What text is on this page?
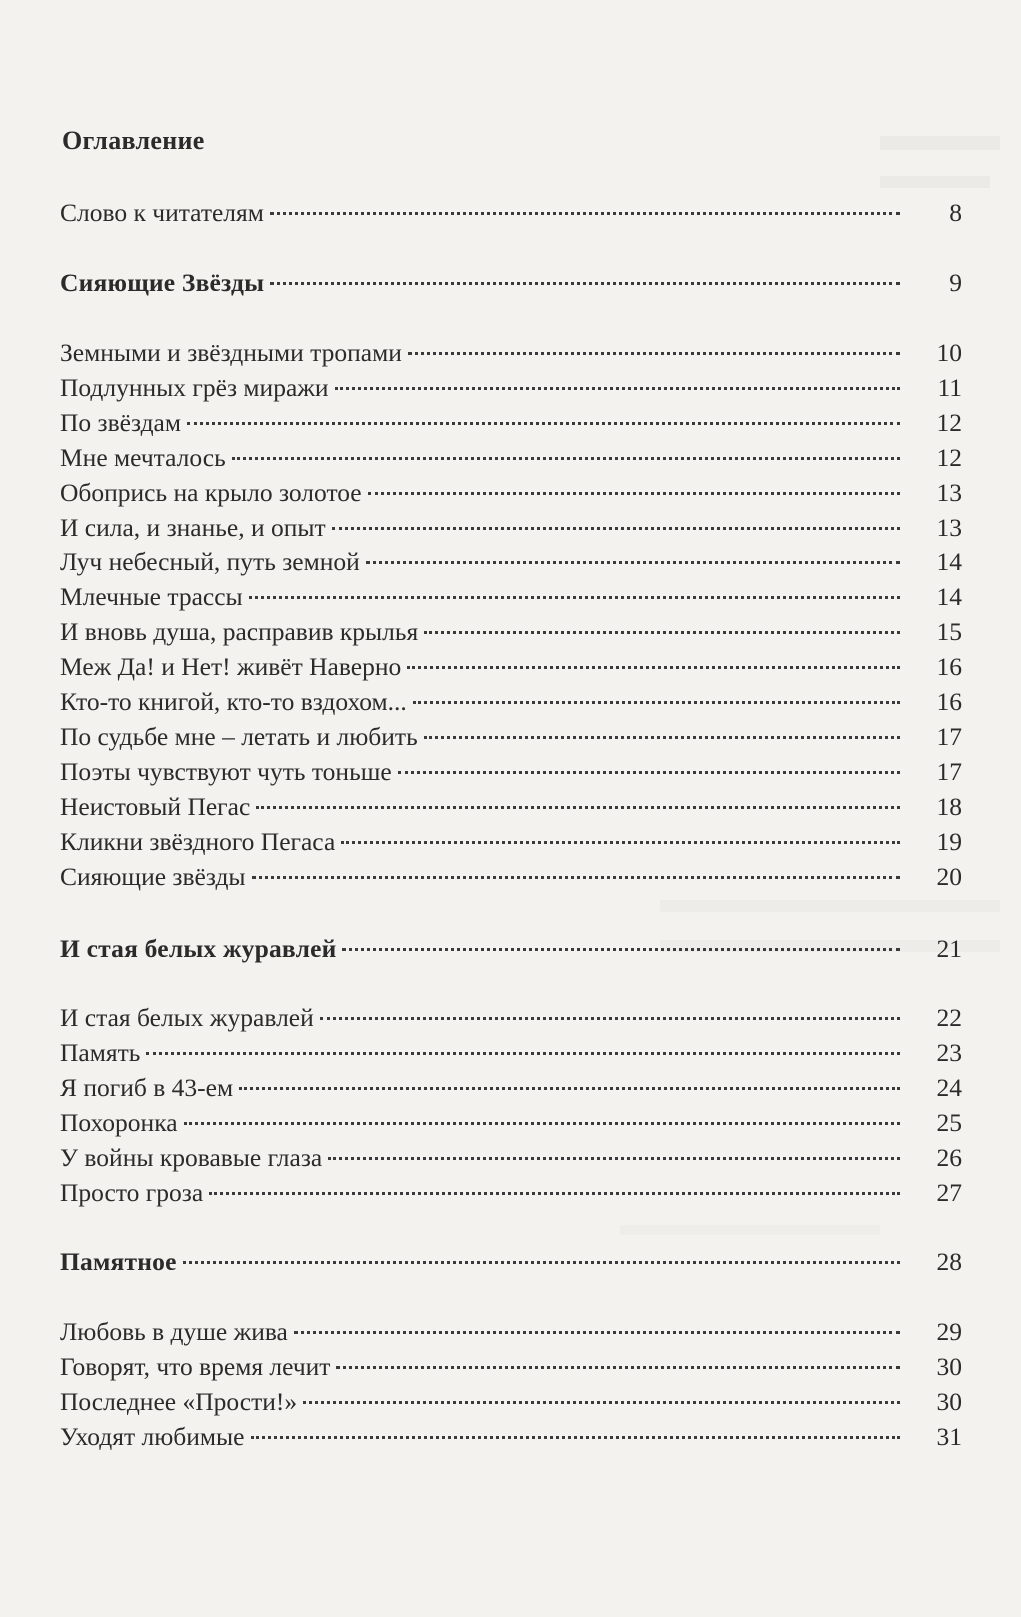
Оглавление
Слово к читателям	8
Сияющие Звёзды	9
Земными и звёздными тропами	10
Подлунных грёз миражи	11
По звёздам	12
Мне мечталось	12
Обопрись на крыло золотое	13
И сила, и знанье, и опыт	13
Луч небесный, путь земной	14
Млечные трассы	14
И вновь душа, расправив крылья	15
Меж Да! и Нет! живёт Наверно	16
Кто-то книгой, кто-то вздохом...	16
По судьбе мне – летать и любить	17
Поэты чувствуют чуть тоньше	17
Неистовый Пегас	18
Кликни звёздного Пегаса	19
Сияющие звёзды	20
И стая белых журавлей	21
И стая белых журавлей	22
Память	23
Я погиб в 43-ем	24
Похоронка	25
У войны кровавые глаза	26
Просто гроза	27
Памятное	28
Любовь в душе жива	29
Говорят, что время лечит	30
Последнее «Прости!»	30
Уходят любимые	31
